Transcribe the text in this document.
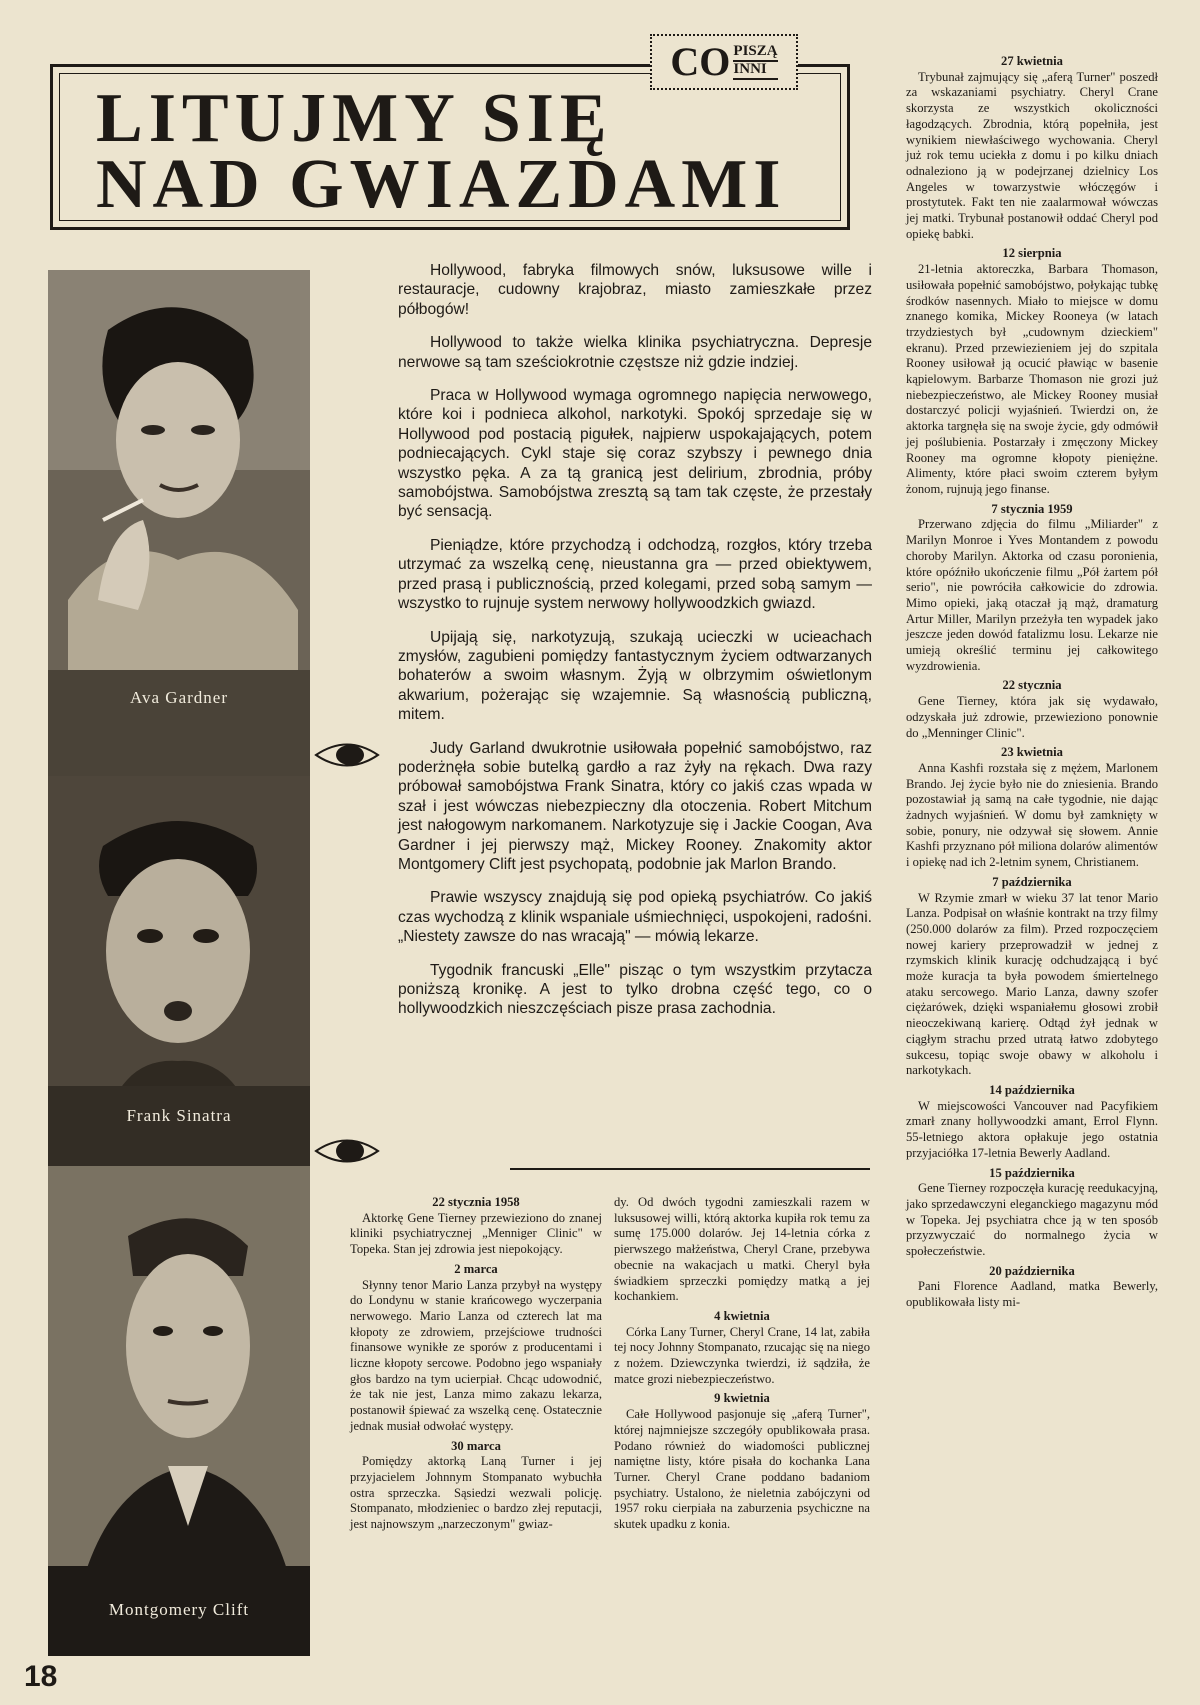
LITUJMY SIĘ
NAD GWIAZDAMI
CO PISZĄ
INNI
Ava Gardner
Frank Sinatra
Montgomery Clift

Hollywood, fabryka filmowych snów, luksusowe wille i restauracje, cudowny krajobraz, miasto zamieszkałe przez półbogów!

Hollywood to także wielka klinika psychiatryczna. Depresje nerwowe są tam sześciokrotnie częstsze niż gdzie indziej.

Praca w Hollywood wymaga ogromnego napięcia nerwowego, które koi i podnieca alkohol, narkotyki. Spokój sprzedaje się w Hollywood pod postacią pigułek, najpierw uspokajających, potem podniecających. Cykl staje się coraz szybszy i pewnego dnia wszystko pęka. A za tą granicą jest delirium, zbrodnia, próby samobójstwa. Samobójstwa zresztą są tam tak częste, że przestały być sensacją.

Pieniądze, które przychodzą i odchodzą, rozgłos, który trzeba utrzymać za wszelką cenę, nieustanna gra — przed obiektywem, przed prasą i publicznością, przed kolegami, przed sobą samym — wszystko to rujnuje system nerwowy hollywoodzkich gwiazd.

Upijają się, narkotyzują, szukają ucieczki w ucieachach zmysłów, zagubieni pomiędzy fantastycznym życiem odtwarzanych bohaterów a swoim własnym. Żyją w olbrzymim oświetlonym akwarium, pożerając się wzajemnie. Są własnością publiczną, mitem.

Judy Garland dwukrotnie usiłowała popełnić samobójstwo, raz poderżnęła sobie butelką gardło a raz żyły na rękach. Dwa razy próbował samobójstwa Frank Sinatra, który co jakiś czas wpada w szał i jest wówczas niebezpieczny dla otoczenia. Robert Mitchum jest nałogowym narkomanem. Narkotyzuje się i Jackie Coogan, Ava Gardner i jej pierwszy mąż, Mickey Rooney. Znakomity aktor Montgomery Clift jest psychopatą, podobnie jak Marlon Brando.

Prawie wszyscy znajdują się pod opieką psychiatrów. Co jakiś czas wychodzą z klinik wspaniale uśmiechnięci, uspokojeni, radośni. „Niestety zawsze do nas wracają" — mówią lekarze.

Tygodnik francuski „Elle" pisząc o tym wszystkim przytacza poniższą kronikę. A jest to tylko drobna część tego, co o hollywoodzkich nieszczęściach pisze prasa zachodnia.

27 kwietnia

Trybunał zajmujący się „aferą Turner" poszedł za wskazaniami psychiatry. Cheryl Crane skorzysta ze wszystkich okoliczności łagodzących. Zbrodnia, którą popełniła, jest wynikiem niewłaściwego wychowania. Cheryl już rok temu uciekła z domu i po kilku dniach odnaleziono ją w podejrzanej dzielnicy Los Angeles w towarzystwie włóczęgów i prostytutek. Fakt ten nie zaalarmował wówczas jej matki. Trybunał postanowił oddać Cheryl pod opiekę babki.

12 sierpnia

21-letnia aktoreczka, Barbara Thomason, usiłowała popełnić samobójstwo, połykając tubkę środków nasennych. Miało to miejsce w domu znanego komika, Mickey Rooneya (w latach trzydziestych był „cudownym dzieckiem" ekranu). Przed przewiezieniem jej do szpitala Rooney usiłował ją ocucić pławiąc w basenie kąpielowym. Barbarze Thomason nie grozi już niebezpieczeństwo, ale Mickey Rooney musiał dostarczyć policji wyjaśnień. Twierdzi on, że aktorka targnęła się na swoje życie, gdy odmówił jej poślubienia. Postarzały i zmęczony Mickey Rooney ma ogromne kłopoty pieniężne. Alimenty, które płaci swoim czterem byłym żonom, rujnują jego finanse.

7 stycznia 1959

Przerwano zdjęcia do filmu „Miliarder" z Marilyn Monroe i Yves Montandem z powodu choroby Marilyn. Aktorka od czasu poronienia, które opóźniło ukończenie filmu „Pół żartem pół serio", nie powróciła całkowicie do zdrowia. Mimo opieki, jaką otaczał ją mąż, dramaturg Artur Miller, Marilyn przeżyła ten wypadek jako jeszcze jeden dowód fatalizmu losu. Lekarze nie umieją określić terminu jej całkowitego wyzdrowienia.

22 stycznia

Gene Tierney, która jak się wydawało, odzyskała już zdrowie, przewieziono ponownie do „Menninger Clinic".

23 kwietnia

Anna Kashfi rozstała się z mężem, Marlonem Brando. Jej życie było nie do zniesienia. Brando pozostawiał ją samą na całe tygodnie, nie dając żadnych wyjaśnień. W domu był zamknięty w sobie, ponury, nie odzywał się słowem. Annie Kashfi przyznano pół miliona dolarów alimentów i opiekę nad ich 2-letnim synem, Christianem.

7 października

W Rzymie zmarł w wieku 37 lat tenor Mario Lanza. Podpisał on właśnie kontrakt na trzy filmy (250.000 dolarów za film). Przed rozpoczęciem nowej kariery przeprowadził w jednej z rzymskich klinik kurację odchudzającą i być może kuracja ta była powodem śmiertelnego ataku sercowego. Mario Lanza, dawny szofer ciężarówek, dzięki wspaniałemu głosowi zrobił nieoczekiwaną karierę. Odtąd żył jednak w ciągłym strachu przed utratą łatwo zdobytego sukcesu, topiąc swoje obawy w alkoholu i narkotykach.

14 października

W miejscowości Vancouver nad Pacyfikiem zmarł znany hollywoodzki amant, Errol Flynn. 55-letniego aktora opłakuje jego ostatnia przyjaciółka 17-letnia Bewerly Aadland.

15 października

Gene Tierney rozpoczęła kurację reedukacyjną, jako sprzedawczyni eleganckiego magazynu mód w Topeka. Jej psychiatra chce ją w ten sposób przyzwyczaić do normalnego życia w społeczeństwie.

20 października

Pani Florence Aadland, matka Bewerly, opublikowała listy mi-

22 stycznia 1958

Aktorkę Gene Tierney przewieziono do znanej kliniki psychiatrycznej „Menniger Clinic" w Topeka. Stan jej zdrowia jest niepokojący.

2 marca

Słynny tenor Mario Lanza przybył na występy do Londynu w stanie krańcowego wyczerpania nerwowego. Mario Lanza od czterech lat ma kłopoty ze zdrowiem, przejściowe trudności finansowe wynikłe ze sporów z producentami i liczne kłopoty sercowe. Podobno jego wspaniały głos bardzo na tym ucierpiał. Chcąc udowodnić, że tak nie jest, Lanza mimo zakazu lekarza, postanowił śpiewać za wszelką cenę. Ostatecznie jednak musiał odwołać występy.

30 marca

Pomiędzy aktorką Laną Turner i jej przyjacielem Johnnym Stompanato wybuchła ostra sprzeczka. Sąsiedzi wezwali policję. Stompanato, młodzieniec o bardzo złej reputacji, jest najnowszym „narzeczonym" gwiaz-

dy. Od dwóch tygodni zamieszkali razem w luksusowej willi, którą aktorka kupiła rok temu za sumę 175.000 dolarów. Jej 14-letnia córka z pierwszego małżeństwa, Cheryl Crane, przebywa obecnie na wakacjach u matki. Cheryl była świadkiem sprzeczki pomiędzy matką a jej kochankiem.

4 kwietnia

Córka Lany Turner, Cheryl Crane, 14 lat, zabiła tej nocy Johnny Stompanato, rzucając się na niego z nożem. Dziewczynka twierdzi, iż sądziła, że matce grozi niebezpieczeństwo.

9 kwietnia

Całe Hollywood pasjonuje się „aferą Turner", której najmniejsze szczegóły opublikowała prasa. Podano również do wiadomości publicznej namiętne listy, które pisała do kochanka Lana Turner. Cheryl Crane poddano badaniom psychiatry. Ustalono, że nieletnia zabójczyni od 1957 roku cierpiała na zaburzenia psychiczne na skutek upadku z konia.

18
